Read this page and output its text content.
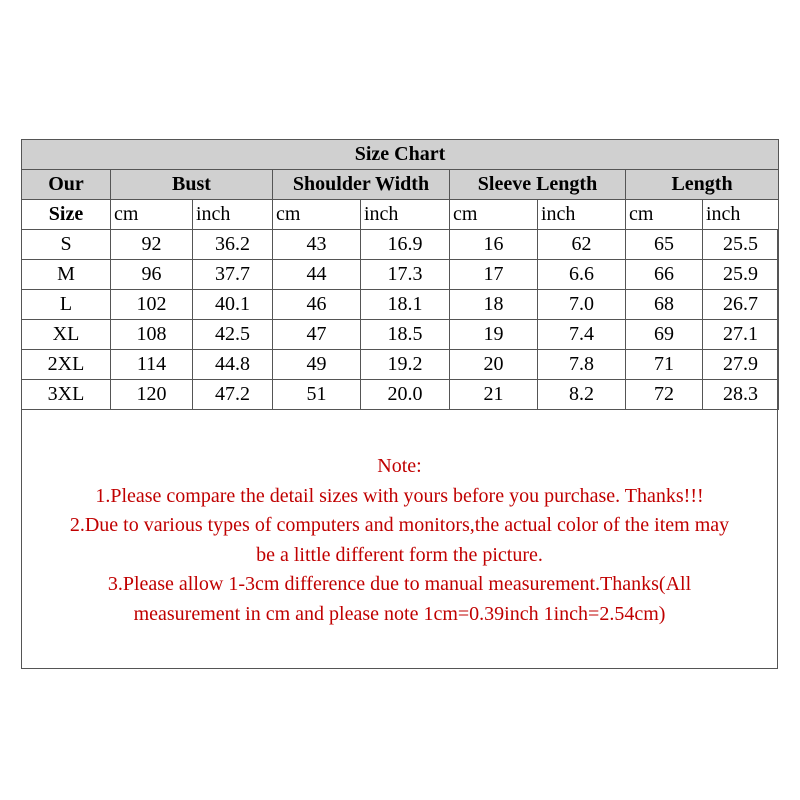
Size Chart								
Our	Bust		Shoulder Width		Sleeve Length		Length	
Size	cm	inch	cm	inch	cm	inch	cm	inch
S	92	36.2	43	16.9	16	62	65	25.5
M	96	37.7	44	17.3	17	6.6	66	25.9
L	102	40.1	46	18.1	18	7.0	68	26.7
XL	108	42.5	47	18.5	19	7.4	69	27.1
2XL	114	44.8	49	19.2	20	7.8	71	27.9
3XL	120	47.2	51	20.0	21	8.2	72	28.3
Note:
1.Please compare the detail sizes with yours before you purchase. Thanks!!!
2.Due to various types of computers and monitors,the actual color of the item may
be a little different form the picture.
3.Please allow 1-3cm difference due to manual measurement.Thanks(All
measurement in cm and please note 1cm=0.39inch 1inch=2.54cm)
